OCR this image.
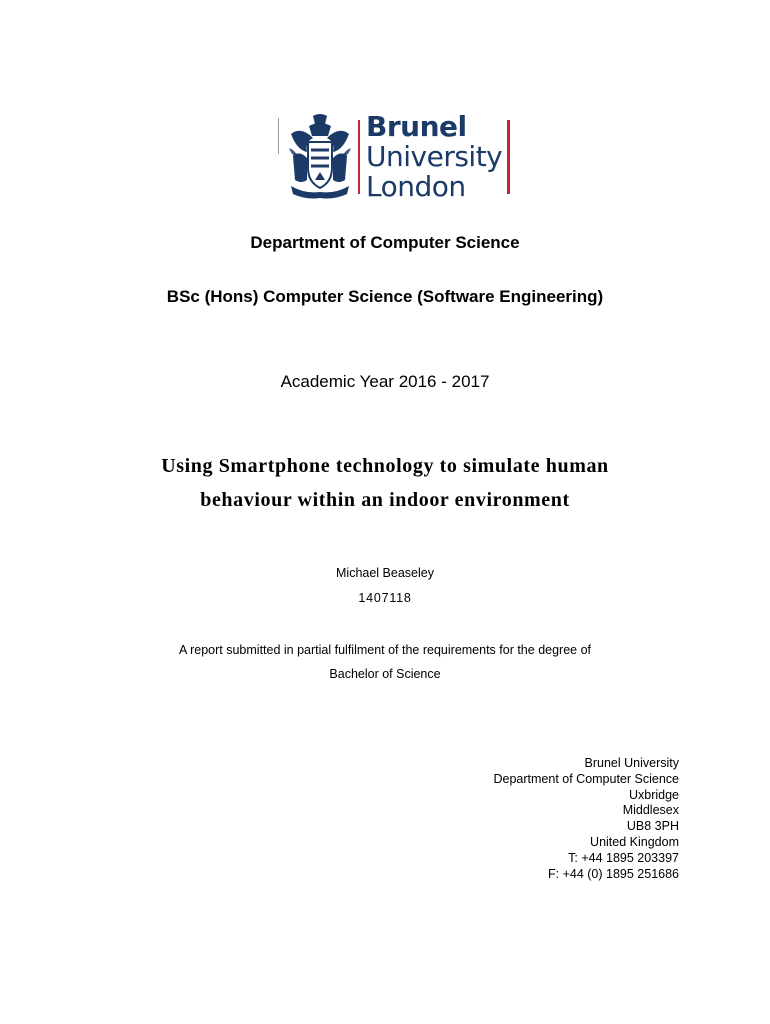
Brunel
University
London

Department of Computer Science

BSc (Hons) Computer Science (Software Engineering)

Academic Year 2016 - 2017

Using Smartphone technology to simulate human
behaviour within an indoor environment

Michael Beaseley

1407118

A report submitted in partial fulfilment of the requirements for the degree of
Bachelor of Science

Brunel University
Department of Computer Science
Uxbridge
Middlesex
UB8 3PH
United Kingdom
T: +44 1895 203397
F: +44 (0) 1895 251686
